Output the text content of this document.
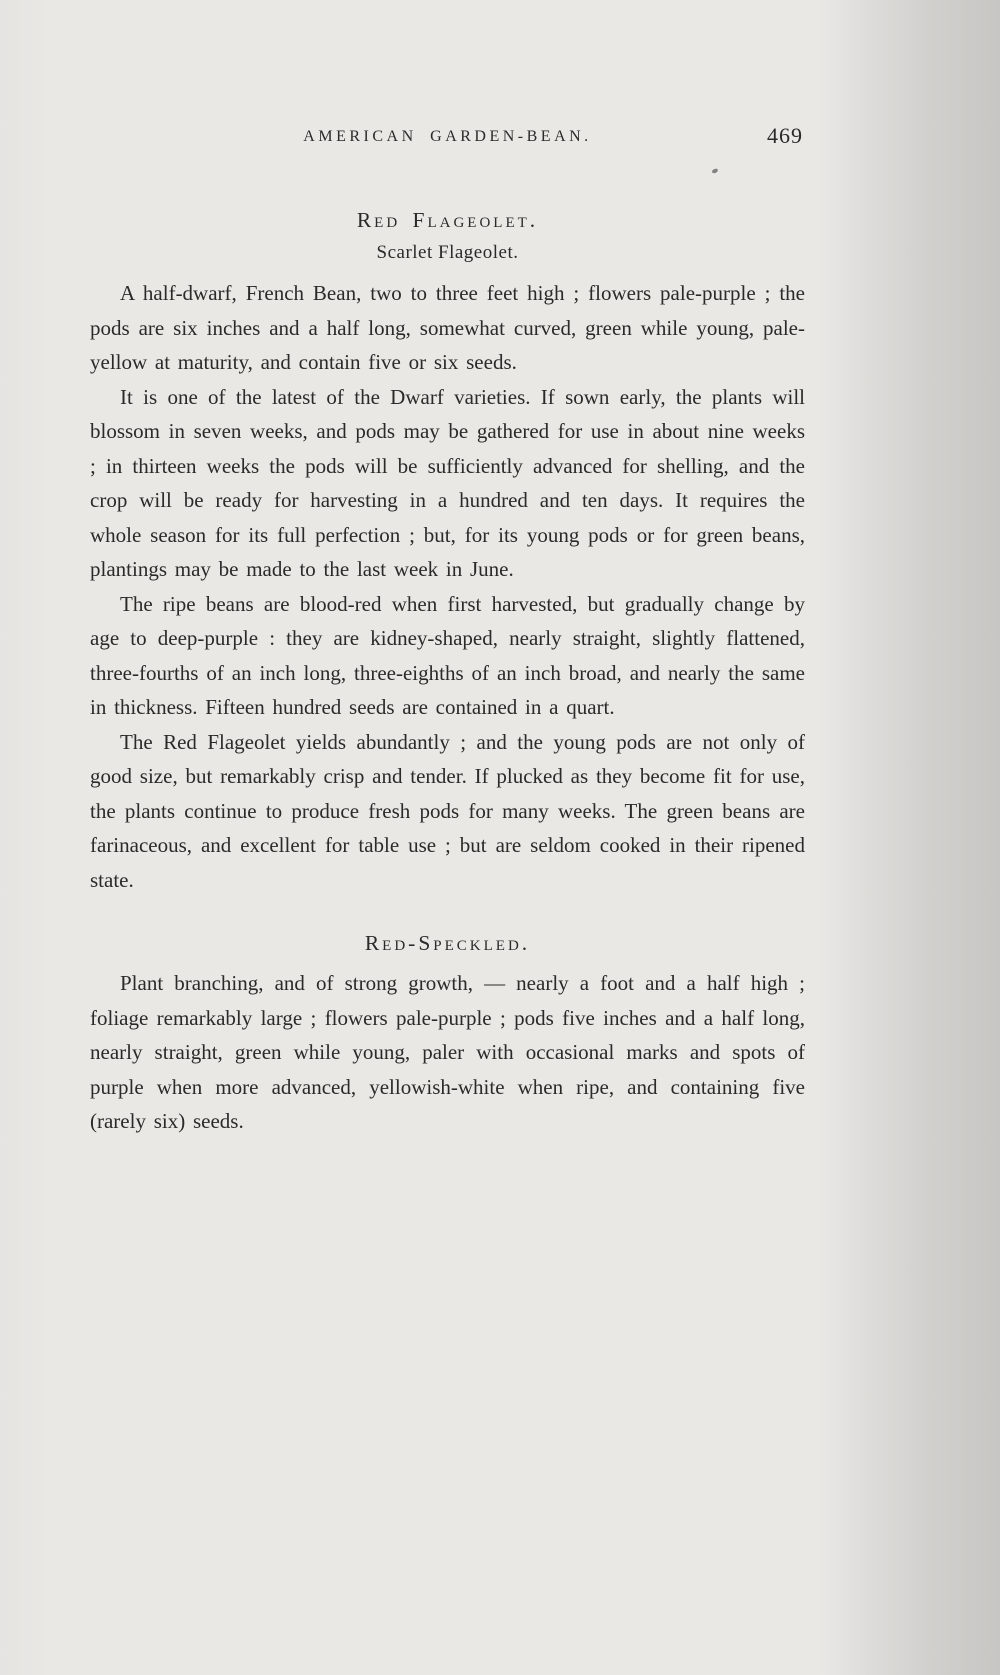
AMERICAN GARDEN-BEAN.	469
Red Flageolet.
Scarlet Flageolet.

A half-dwarf, French Bean, two to three feet high ; flowers pale-purple ; the pods are six inches and a half long, somewhat curved, green while young, pale-yellow at maturity, and contain five or six seeds.

It is one of the latest of the Dwarf varieties. If sown early, the plants will blossom in seven weeks, and pods may be gathered for use in about nine weeks ; in thirteen weeks the pods will be sufficiently advanced for shelling, and the crop will be ready for harvesting in a hundred and ten days. It requires the whole season for its full perfection ; but, for its young pods or for green beans, plantings may be made to the last week in June.

The ripe beans are blood-red when first harvested, but gradually change by age to deep-purple : they are kidney-shaped, nearly straight, slightly flattened, three-fourths of an inch long, three-eighths of an inch broad, and nearly the same in thickness. Fifteen hundred seeds are contained in a quart.

The Red Flageolet yields abundantly ; and the young pods are not only of good size, but remarkably crisp and tender. If plucked as they become fit for use, the plants continue to produce fresh pods for many weeks. The green beans are farinaceous, and excellent for table use ; but are seldom cooked in their ripened state.

Red-Speckled.

Plant branching, and of strong growth, — nearly a foot and a half high ; foliage remarkably large ; flowers pale-purple ; pods five inches and a half long, nearly straight, green while young, paler with occasional marks and spots of purple when more advanced, yellowish-white when ripe, and containing five (rarely six) seeds.
